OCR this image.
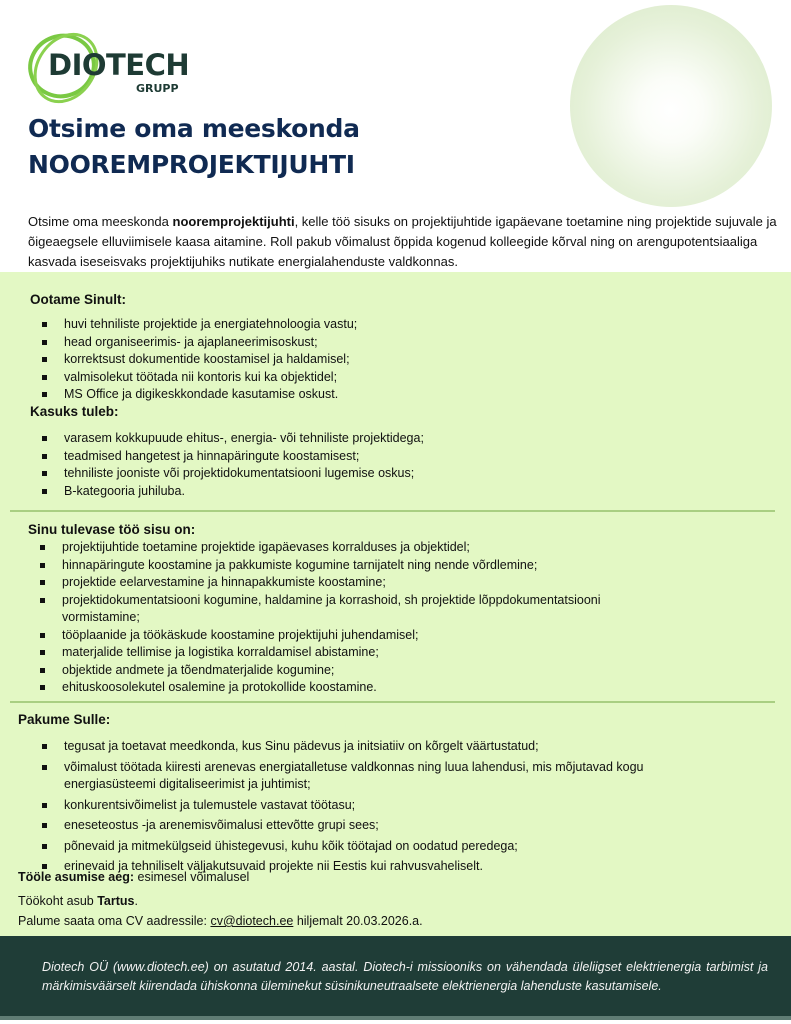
DIOTECH
GRUPP
Otsime oma meeskonda
NOOREMPROJEKTIJUHTI

Otsime oma meeskonda nooremprojektijuhti, kelle töö sisuks on projektijuhtide igapäevane toetamine ning projektide sujuvale ja õigeaegsele elluviimisele kaasa aitamine. Roll pakub võimalust õppida kogenud kolleegide kõrval ning on arengupotentsiaaliga kasvada iseseisvaks projektijuhiks nutikate energialahenduste valdkonnas.

Ootame Sinult:
huvi tehniliste projektide ja energiatehnoloogia vastu;
head organiseerimis- ja ajaplaneerimisoskust;
korrektsust dokumentide koostamisel ja haldamisel;
valmisolekut töötada nii kontoris kui ka objektidel;
MS Office ja digikeskkondade kasutamise oskust.
Kasuks tuleb:
varasem kokkupuude ehitus-, energia- või tehniliste projektidega;
teadmised hangetest ja hinnapäringute koostamisest;
tehniliste jooniste või projektidokumentatsiooni lugemise oskus;
B-kategooria juhiluba.
Sinu tulevase töö sisu on:
projektijuhtide toetamine projektide igapäevases korralduses ja objektidel;
hinnapäringute koostamine ja pakkumiste kogumine tarnijatelt ning nende võrdlemine;
projektide eelarvestamine ja hinnapakkumiste koostamine;
projektidokumentatsiooni kogumine, haldamine ja korrashoid, sh projektide lõppdokumentatsiooni vormistamine;
tööplaanide ja töökäskude koostamine projektijuhi juhendamisel;
materjalide tellimise ja logistika korraldamisel abistamine;
objektide andmete ja tõendmaterjalide kogumine;
ehituskoosolekutel osalemine ja protokollide koostamine.
Pakume Sulle:
tegusat ja toetavat meedkonda, kus Sinu pädevus ja initsiatiiv on kõrgelt väärtustatud;
võimalust töötada kiiresti arenevas energiatalletuse valdkonnas ning luua lahendusi, mis mõjutavad kogu energiasüsteemi digitaliseerimist ja juhtimist;
konkurentsivõimelist ja tulemustele vastavat töötasu;
eneseteostus -ja arenemisvõimalusi ettevõtte grupi sees;
põnevaid ja mitmekülgseid ühistegevusi, kuhu kõik töötajad on oodatud peredega;
erinevaid ja tehniliselt väljakutsuvaid projekte nii Eestis kui rahvusvaheliselt.
Tööle asumise aeg: esimesel võimalusel
Töökoht asub Tartus.
Palume saata oma CV aadressile: cv@diotech.ee hiljemalt 20.03.2026.a.

Diotech OÜ (www.diotech.ee) on asutatud 2014. aastal. Diotech-i missiooniks on vähendada üleliigset elektrienergia tarbimist ja märkimisväärselt kiirendada ühiskonna üleminekut süsinikuneutraalsete elektrienergia lahenduste kasutamisele.
